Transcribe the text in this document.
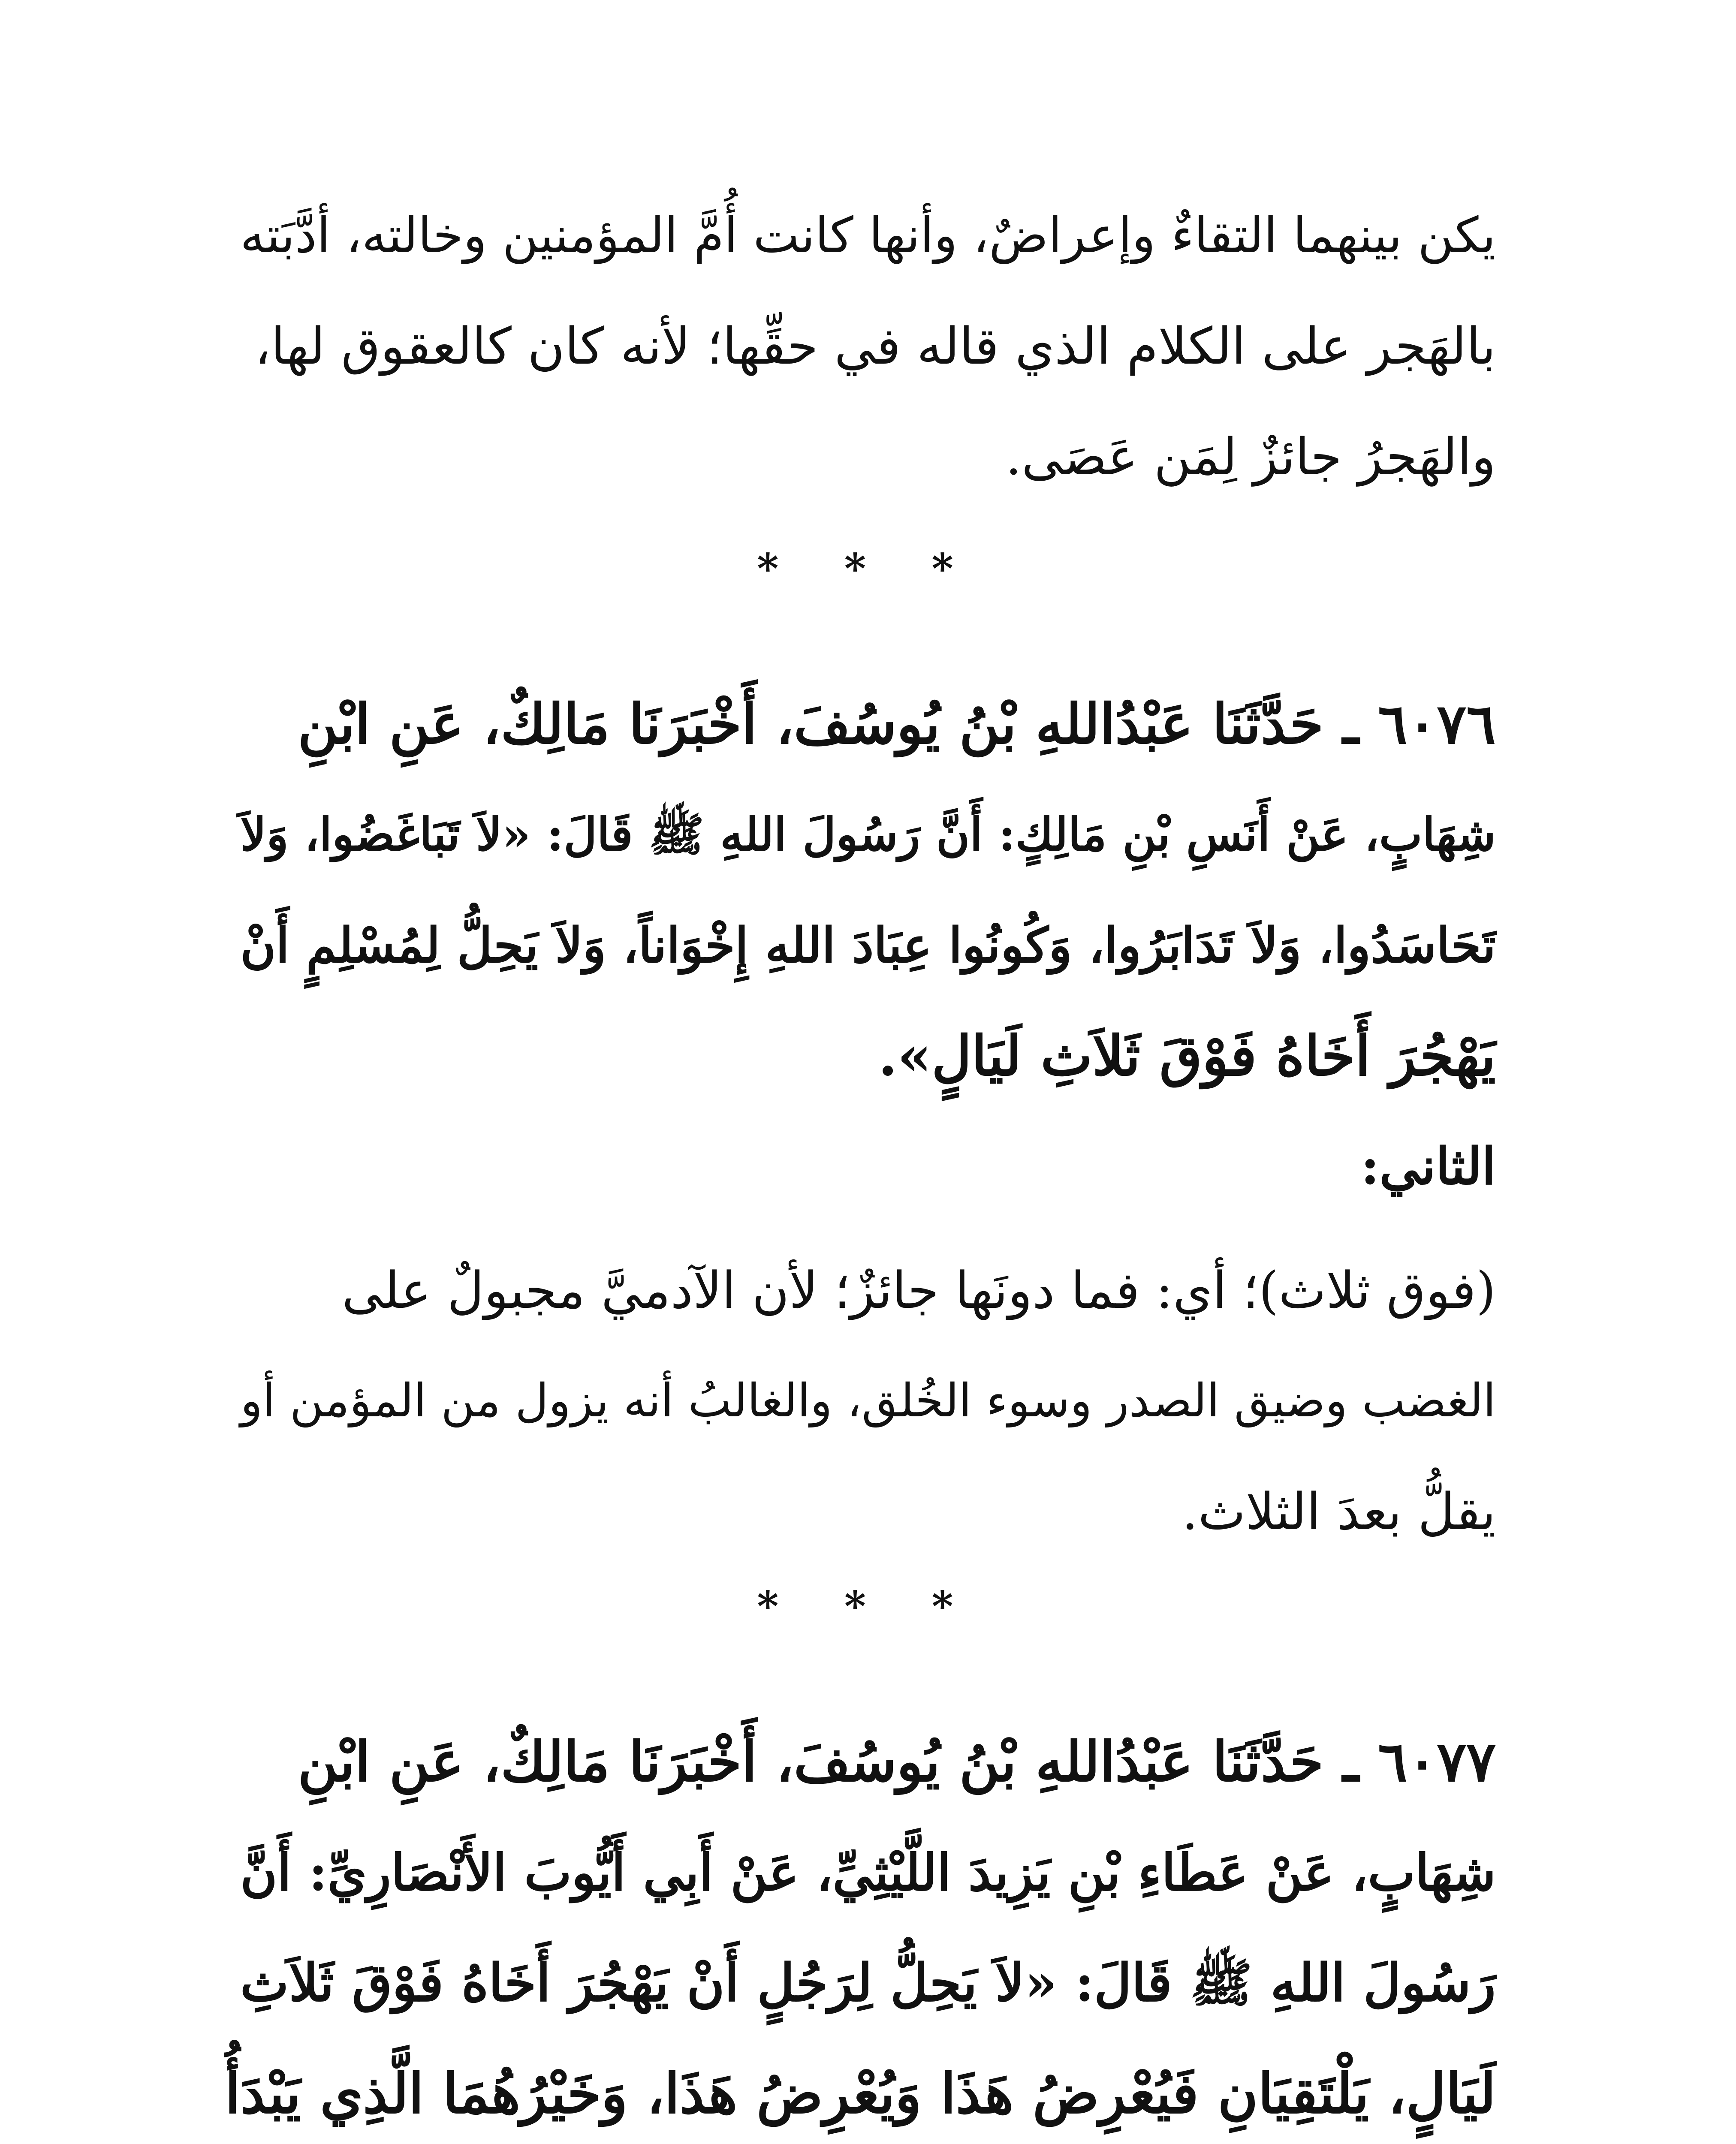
يكن بينهما التقاءٌ وإعراضٌ، وأنها كانت أُمَّ المؤمنين وخالته، أدَّبَته
بالهَجر على الكلام الذي قاله في حقِّها؛ لأنه كان كالعقوق لها،
والهَجرُ جائزٌ لِمَن عَصَى.
* * *
٦٠٧٦ ـ حَدَّثَنَا عَبْدُاللهِ بْنُ يُوسُفَ، أَخْبَرَنَا مَالِكٌ، عَنِ ابْنِ
شِهَابٍ، عَنْ أَنَسِ بْنِ مَالِكٍ: أَنَّ رَسُولَ اللهِ ﷺ قَالَ: «لاَ تَبَاغَضُوا، وَلاَ
تَحَاسَدُوا، وَلاَ تَدَابَرُوا، وَكُونُوا عِبَادَ اللهِ إِخْوَاناً، وَلاَ يَحِلُّ لِمُسْلِمٍ أَنْ
يَهْجُرَ أَخَاهُ فَوْقَ ثَلاَثِ لَيَالٍ».
الثاني:
(فوق ثلاث)؛ أي: فما دونَها جائزٌ؛ لأن الآدميَّ مجبولٌ على
الغضب وضيق الصدر وسوء الخُلق، والغالبُ أنه يزول من المؤمن أو
يقلُّ بعدَ الثلاث.
* * *
٦٠٧٧ ـ حَدَّثَنَا عَبْدُاللهِ بْنُ يُوسُفَ، أَخْبَرَنَا مَالِكٌ، عَنِ ابْنِ
شِهَابٍ، عَنْ عَطَاءِ بْنِ يَزِيدَ اللَّيْثِيِّ، عَنْ أَبِي أَيُّوبَ الأَنْصَارِيِّ: أَنَّ
رَسُولَ اللهِ ﷺ قَالَ: «لاَ يَحِلُّ لِرَجُلٍ أَنْ يَهْجُرَ أَخَاهُ فَوْقَ ثَلاَثِ
لَيَالٍ، يَلْتَقِيَانِ فَيُعْرِضُ هَذَا وَيُعْرِضُ هَذَا، وَخَيْرُهُمَا الَّذِي يَبْدَأُ
